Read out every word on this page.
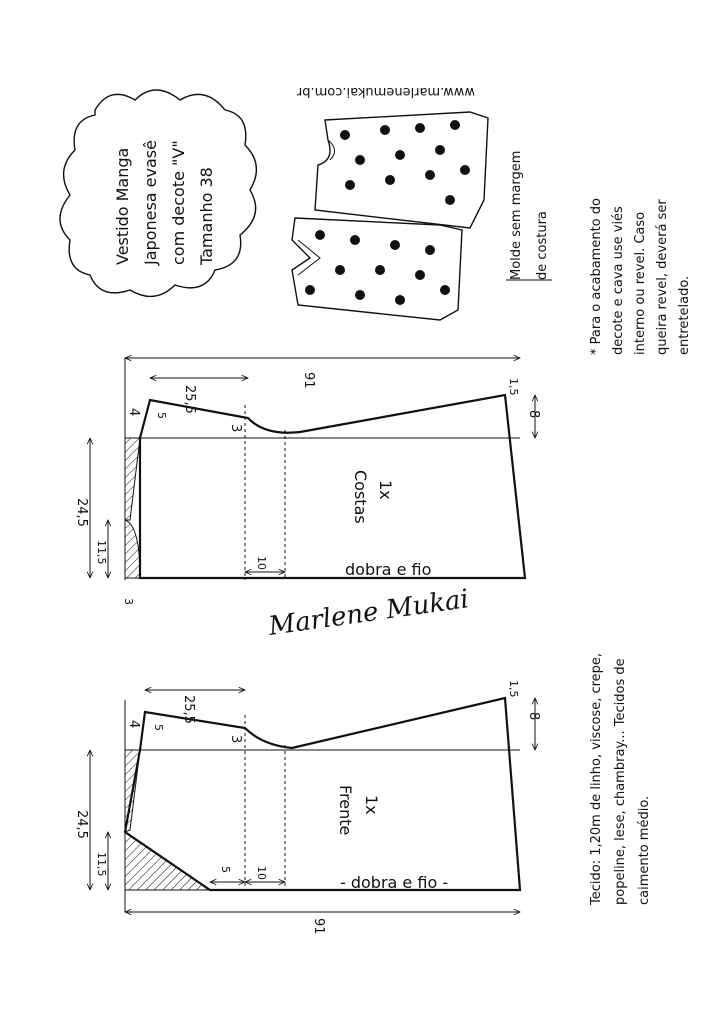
Vestido Manga Japonesa evasê com decote "V" Tamanho 38
www.marlenemukai.com.br
Molde sem margem de costura	* Para o acabamento do decote e cava use viés interno ou revel. Caso queira revel, deverá ser entretelado.
91
25,5
4 5
3
24,5
11,5	10
1,5
8
3
Costas 1x
dobra e fio
Marlene Mukai
91
25,5
4 5
3
24,5
11,5	5 10
1,5
8
Frente 1x
- dobra e fio -	Tecido: 1,20m de linho, viscose, crepe, popeline, lese, chambray... Tecidos de caimento médio.
